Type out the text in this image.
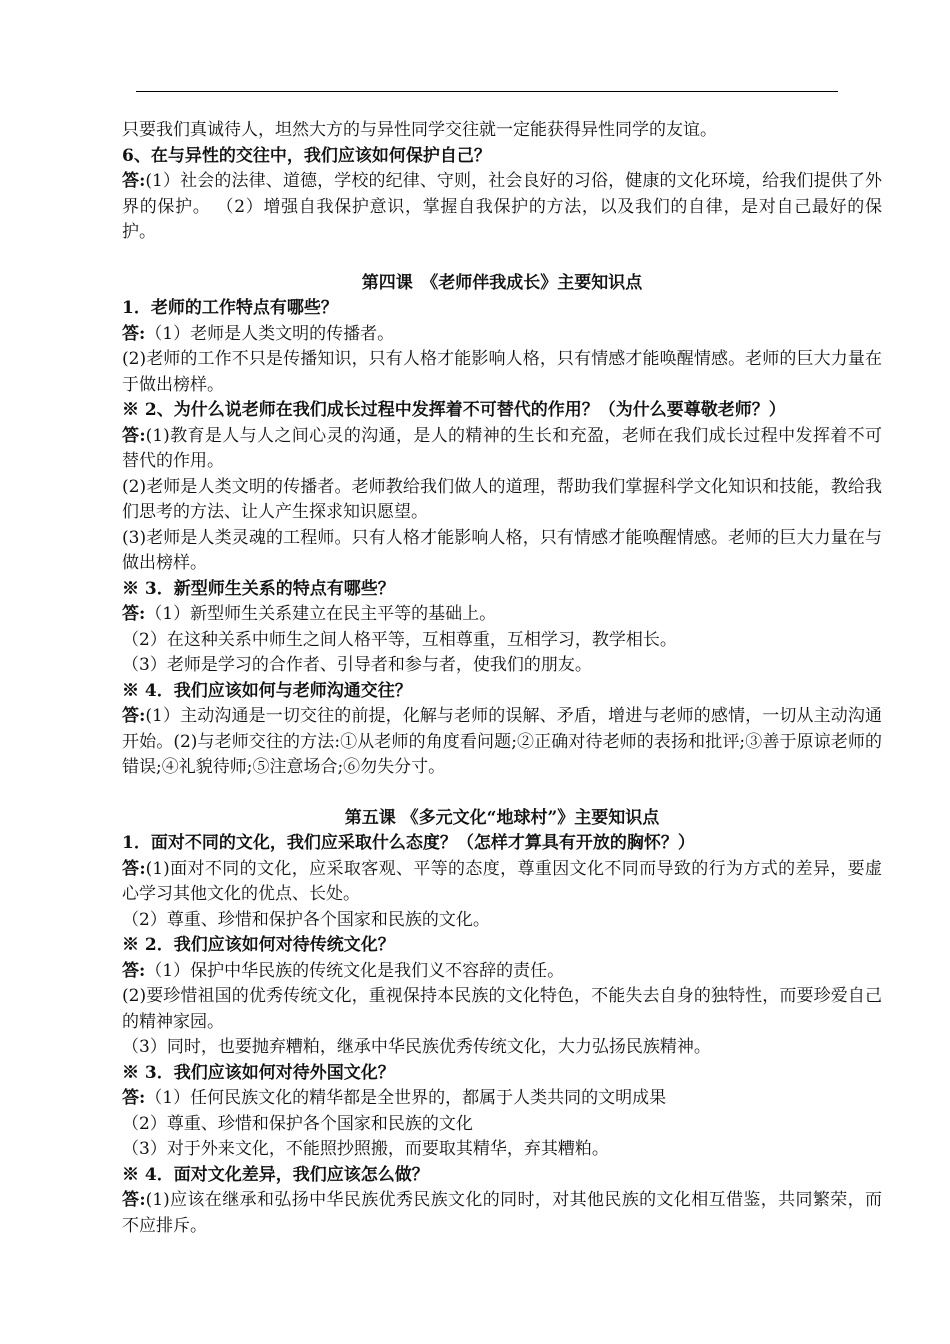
只要我们真诚待人，坦然大方的与异性同学交往就一定能获得异性同学的友谊。

6、在与异性的交往中，我们应该如何保护自己？

答:(1）社会的法律、道德，学校的纪律、守则，社会良好的习俗，健康的文化环境，给我们提供了外界的保护。 （2）增强自我保护意识，掌握自我保护的方法，以及我们的自律，是对自己最好的保护。

第四课　《老师伴我成长》主要知识点

1．老师的工作特点有哪些？

答:（1）老师是人类文明的传播者。

(2)老师的工作不只是传播知识，只有人格才能影响人格，只有情感才能唤醒情感。老师的巨大力量在于做出榜样。

※ 2、为什么说老师在我们成长过程中发挥着不可替代的作用？（为什么要尊敬老师？）

答:(1)教育是人与人之间心灵的沟通，是人的精神的生长和充盈，老师在我们成长过程中发挥着不可替代的作用。

(2)老师是人类文明的传播者。老师教给我们做人的道理，帮助我们掌握科学文化知识和技能，教给我们思考的方法、让人产生探求知识愿望。

(3)老师是人类灵魂的工程师。只有人格才能影响人格，只有情感才能唤醒情感。老师的巨大力量在与做出榜样。

※ 3．新型师生关系的特点有哪些？

答:（1）新型师生关系建立在民主平等的基础上。

（2）在这种关系中师生之间人格平等，互相尊重，互相学习，教学相长。

（3）老师是学习的合作者、引导者和参与者，使我们的朋友。

※ 4．我们应该如何与老师沟通交往？

答:(1）主动沟通是一切交往的前提，化解与老师的误解、矛盾，增进与老师的感情，一切从主动沟通开始。(2)与老师交往的方法:①从老师的角度看问题;②正确对待老师的表扬和批评;③善于原谅老师的错误;④礼貌待师;⑤注意场合;⑥勿失分寸。

第五课 《多元文化“地球村”》主要知识点

1．面对不同的文化，我们应采取什么态度？（怎样才算具有开放的胸怀？）

答:(1)面对不同的文化，应采取客观、平等的态度，尊重因文化不同而导致的行为方式的差异，要虚心学习其他文化的优点、长处。

（2）尊重、珍惜和保护各个国家和民族的文化。

※ 2．我们应该如何对待传统文化？

答:（1）保护中华民族的传统文化是我们义不容辞的责任。

(2)要珍惜祖国的优秀传统文化，重视保持本民族的文化特色，不能失去自身的独特性，而要珍爱自己的精神家园。

（3）同时，也要抛弃糟粕，继承中华民族优秀传统文化，大力弘扬民族精神。

※ 3．我们应该如何对待外国文化？

答:（1）任何民族文化的精华都是全世界的，都属于人类共同的文明成果

（2）尊重、珍惜和保护各个国家和民族的文化

（3）对于外来文化，不能照抄照搬，而要取其精华，弃其糟粕。

※ 4．面对文化差异，我们应该怎么做？

答:(1)应该在继承和弘扬中华民族优秀民族文化的同时，对其他民族的文化相互借鉴，共同繁荣，而不应排斥。
